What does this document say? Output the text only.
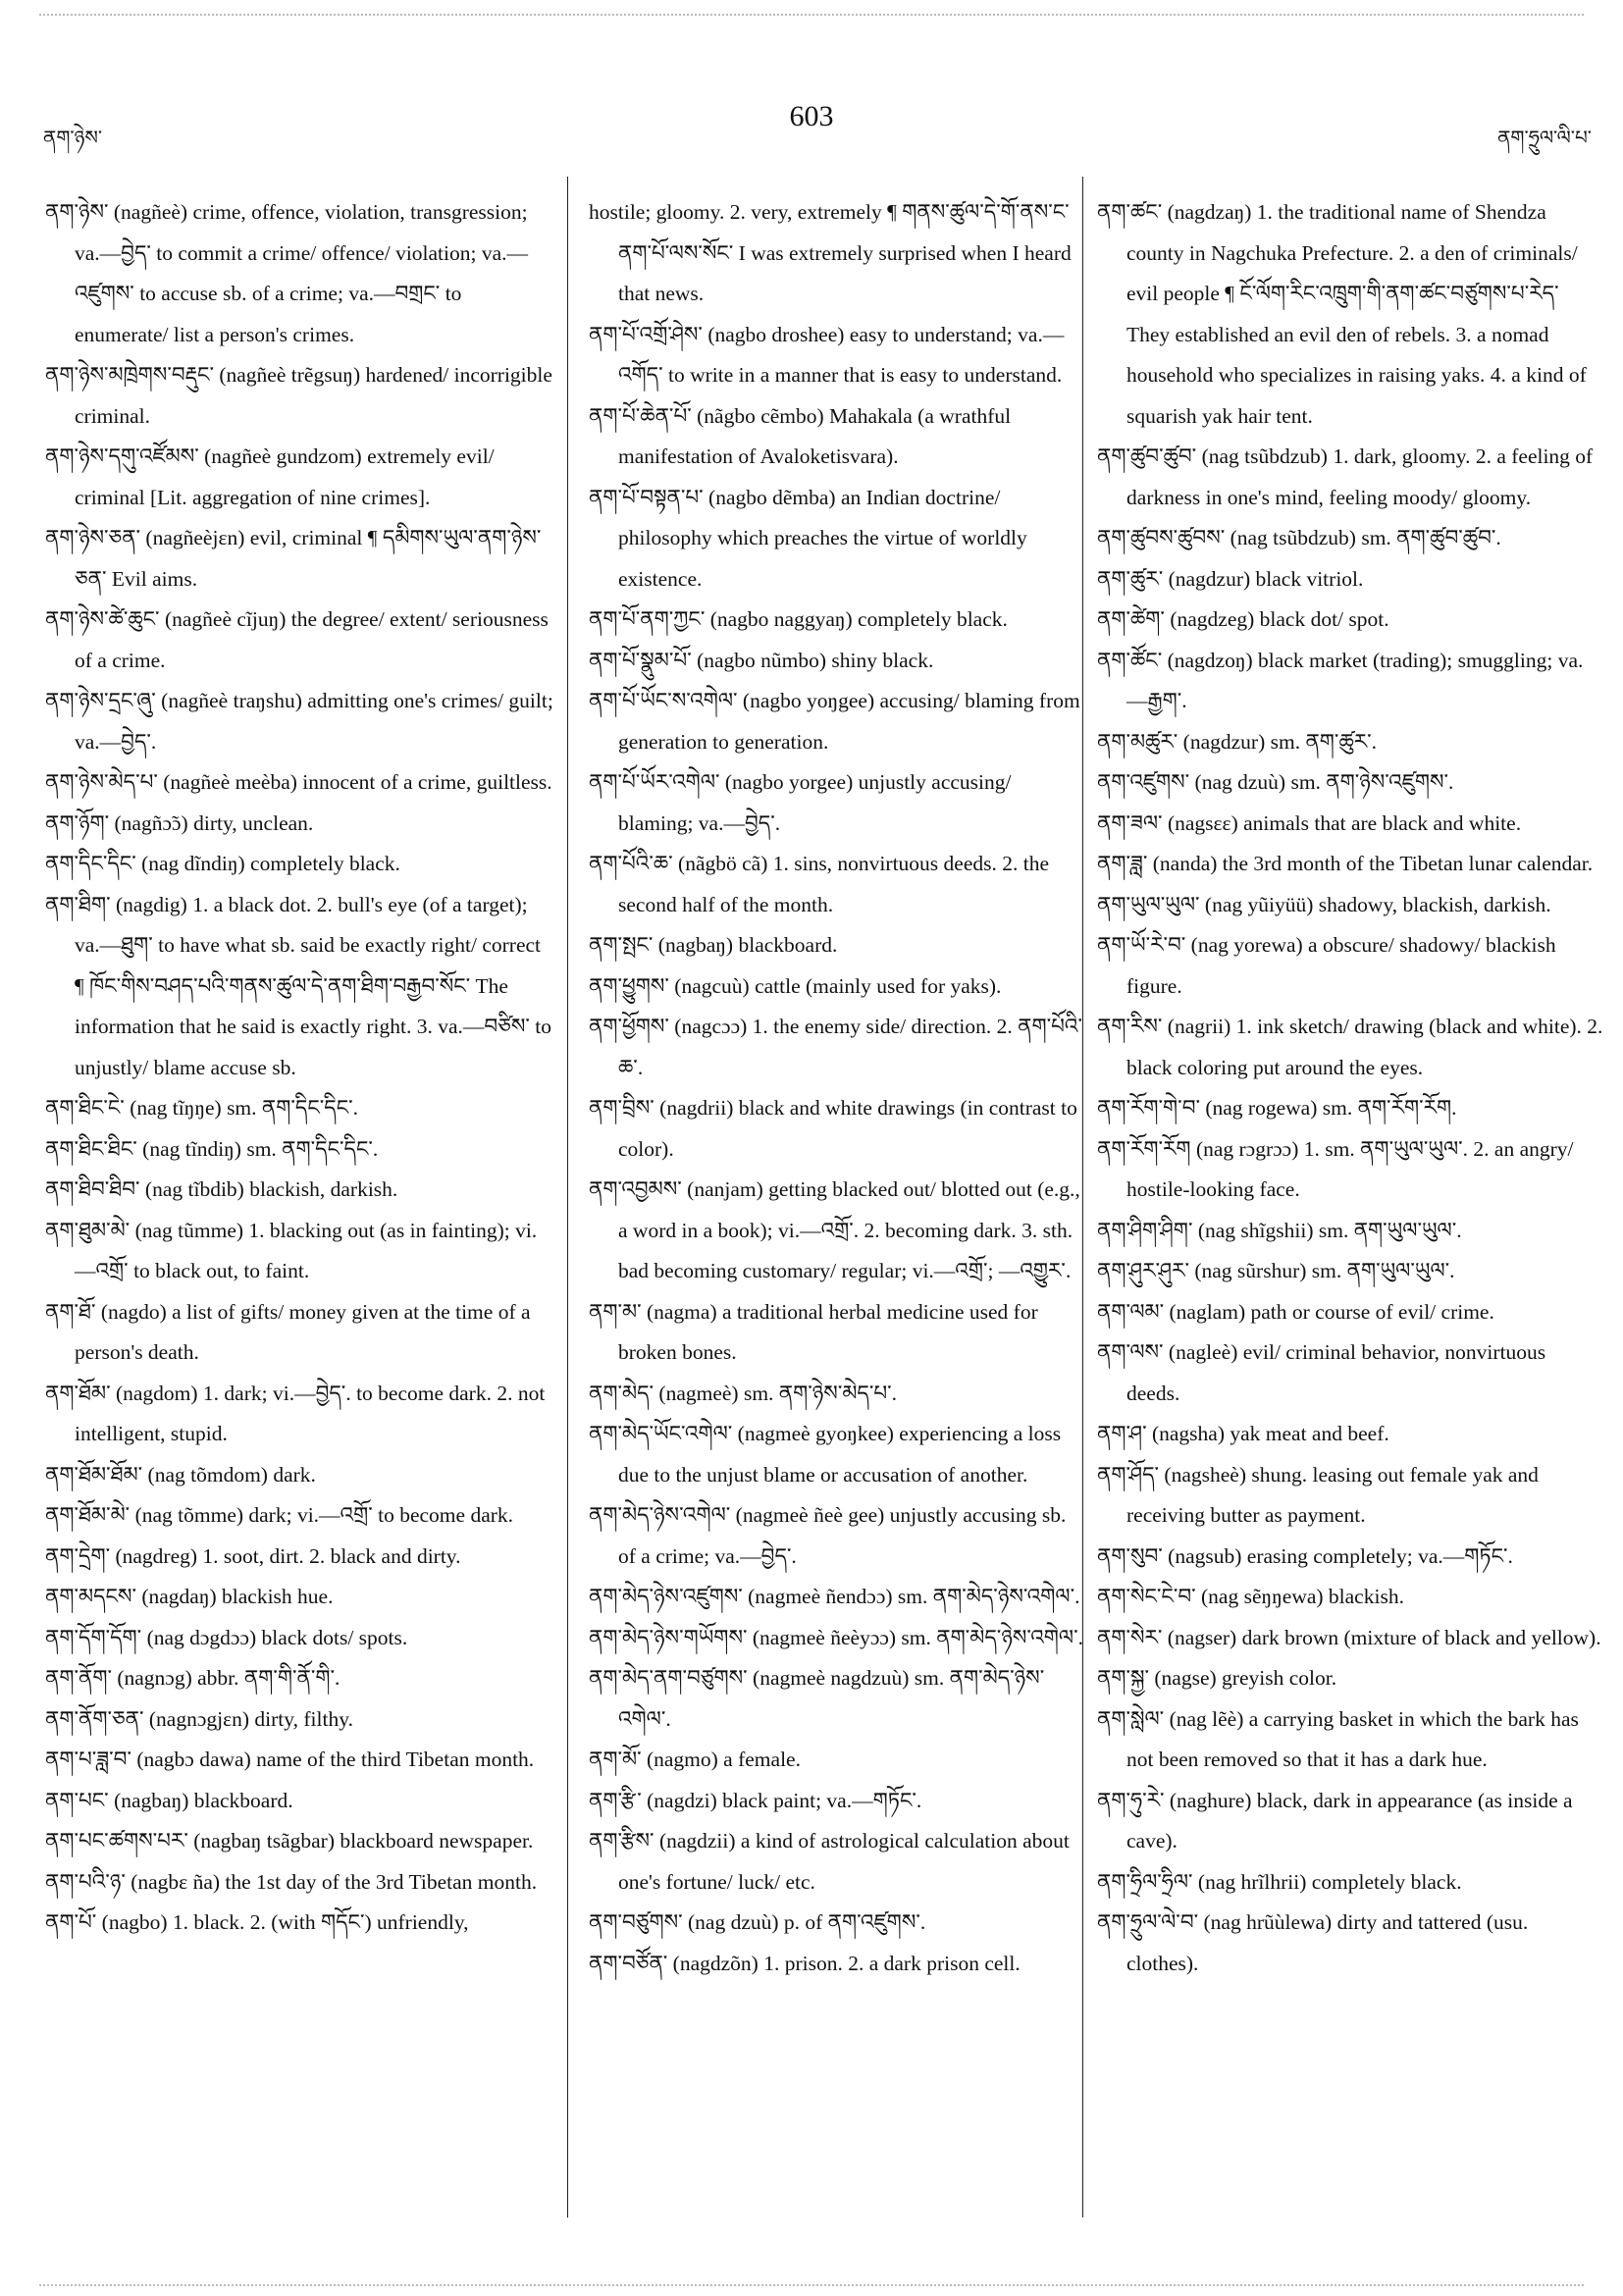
ནག་ཉེས་
603
ནག་ཧྲུལ་ལི་པ་
ནག་ཉེས་ (nagñeè) crime, offence, violation, transgression; va.—བྱེད་ to commit a crime/ offence/ violation; va.—འཛུགས་ to accuse sb. of a crime; va.—བགྲང་ to enumerate/ list a person's crimes.
ནག་ཉེས་མཁྲེགས་བརྡུང་ (nagñeè trẽgsuŋ) hardened/ incorrigible criminal.
ནག་ཉེས་དགུ་འཛོམས་ (nagñeè gundzom) extremely evil/ criminal [Lit. aggregation of nine crimes].
ནག་ཉེས་ཅན་ (nagñeèjɛn) evil, criminal ¶ དམིགས་ཡུལ་ནག་ཉེས་ཅན་ Evil aims.
ནག་ཉེས་ཚེ་ཆུང་ (nagñeè cĩjuŋ) the degree/ extent/ seriousness of a crime.
ནག་ཉེས་དྲང་ཞུ་ (nagñeè traŋshu) admitting one's crimes/ guilt; va.—བྱེད་.
ནག་ཉེས་མེད་པ་ (nagñeè meèba) innocent of a crime, guiltless.
ནག་ཉོག་ (nagñɔ̃ɔ) dirty, unclean.
ནག་དིང་དིང་ (nag dĩndiŋ) completely black.
ནག་ཐིག་ (nagdig) 1. a black dot. 2. bull's eye (of a target); va.—ཐུག་ to have what sb. said be exactly right/ correct ¶ ཁོང་གིས་བཤད་པའི་གནས་ཚུལ་དེ་ནག་ཐིག་བརྒྱབ་སོང་ The information that he said is exactly right. 3. va.—བཙིས་ to unjustly/ blame accuse sb.
ནག་ཐིང་ངེ་ (nag tĩŋŋe) sm. ནག་དིང་དིང་.
ནག་ཐིང་ཐིང་ (nag tĩndiŋ) sm. ནག་དིང་དིང་.
ནག་ཐིབ་ཐིབ་ (nag tĩbdib) blackish, darkish.
ནག་ཐུམ་མེ་ (nag tũmme) 1. blacking out (as in fainting); vi.—འགྲོ་ to black out, to faint.
ནག་ཐོ་ (nagdo) a list of gifts/ money given at the time of a person's death.
ནག་ཐོམ་ (nagdom) 1. dark; vi.—བྱེད་. to become dark. 2. not intelligent, stupid.
ནག་ཐོམ་ཐོམ་ (nag tõmdom) dark.
ནག་ཐོམ་མེ་ (nag tõmme) dark; vi.—འགྲོ་ to become dark.
ནག་དྲེག་ (nagdreg) 1. soot, dirt. 2. black and dirty.
ནག་མདངས་ (nagdaŋ) blackish hue.
ནག་དོག་དོག་ (nag dɔgdɔɔ) black dots/ spots.
ནག་ནོག་ (nagnɔg) abbr. ནག་གི་ནོ་གི་.
ནག་ནོག་ཅན་ (nagnɔgjɛn) dirty, filthy.
ནག་པ་ཟླ་བ་ (nagbɔ dawa) name of the third Tibetan month.
ནག་པང་ (nagbaŋ) blackboard.
ནག་པང་ཚགས་པར་ (nagbaŋ tsãgbar) blackboard newspaper.
ནག་པའི་ཉ་ (nagbɛ ña) the 1st day of the 3rd Tibetan month.
ནག་པོ་ (nagbo) 1. black. 2. (with གདོང་) unfriendly,
hostile; gloomy. 2. very, extremely ¶ གནས་ཚུལ་དེ་གོ་ནས་ང་ནག་པོ་ལས་སོང་ I was extremely surprised when I heard that news.
ནག་པོ་འགྲོ་ཤེས་ (nagbo droshee) easy to understand; va.—འགོད་ to write in a manner that is easy to understand.
ནག་པོ་ཆེན་པོ་ (nãgbo cẽmbo) Mahakala (a wrathful manifestation of Avaloketisvara).
ནག་པོ་བསྟན་པ་ (nagbo dẽmba) an Indian doctrine/ philosophy which preaches the virtue of worldly existence.
ནག་པོ་ནག་ཀྱང་ (nagbo naggyaŋ) completely black.
ནག་པོ་སྣུམ་པོ་ (nagbo nũmbo) shiny black.
ནག་པོ་ཡོང་ས་འགེལ་ (nagbo yoŋgee) accusing/ blaming from generation to generation.
ནག་པོ་ཡོར་འགེལ་ (nagbo yorgee) unjustly accusing/ blaming; va.—བྱེད་.
ནག་པོའི་ཆ་ (nãgbö cã) 1. sins, nonvirtuous deeds. 2. the second half of the month.
ནག་སྤང་ (nagbaŋ) blackboard.
ནག་ཕྱུགས་ (nagcuù) cattle (mainly used for yaks).
ནག་ཕྱོགས་ (nagcɔɔ) 1. the enemy side/ direction. 2. ནག་པོའི་ཆ་.
ནག་བྲིས་ (nagdrii) black and white drawings (in contrast to color).
ནག་འབྱམས་ (nanjam) getting blacked out/ blotted out (e.g., a word in a book); vi.—འགྲོ་. 2. becoming dark. 3. sth. bad becoming customary/ regular; vi.—འགྲོ་; —འགྱུར་.
ནག་མ་ (nagma) a traditional herbal medicine used for broken bones.
ནག་མེད་ (nagmeè) sm. ནག་ཉེས་མེད་པ་.
ནག་མེད་ཡོང་འགེལ་ (nagmeè gyoŋkee) experiencing a loss due to the unjust blame or accusation of another.
ནག་མེད་ཉེས་འགེལ་ (nagmeè ñeè gee) unjustly accusing sb. of a crime; va.—བྱེད་.
ནག་མེད་ཉེས་འཛུགས་ (nagmeè ñendɔɔ) sm. ནག་མེད་ཉེས་འགེལ་.
ནག་མེད་ཉེས་གཡོགས་ (nagmeè ñeèyɔɔ) sm. ནག་མེད་ཉེས་འགེལ་.
ནག་མེད་ནག་བཙུགས་ (nagmeè nagdzuù) sm. ནག་མེད་ཉེས་འགེལ་.
ནག་མོ་ (nagmo) a female.
ནག་རྩི་ (nagdzi) black paint; va.—གཏོང་.
ནག་རྩིས་ (nagdzii) a kind of astrological calculation about one's fortune/ luck/ etc.
ནག་བཙུགས་ (nag dzuù) p. of ནག་འཛུགས་.
ནག་བཙོན་ (nagdzõn) 1. prison. 2. a dark prison cell.
ནག་ཚང་ (nagdzaŋ) 1. the traditional name of Shendza county in Nagchuka Prefecture. 2. a den of criminals/ evil people ¶ ངོ་ལོག་རིང་འཁྲུག་གི་ནག་ཚང་བཙུགས་པ་རེད་ They established an evil den of rebels. 3. a nomad household who specializes in raising yaks. 4. a kind of squarish yak hair tent.
ནག་ཚུབ་ཚུབ་ (nag tsũbdzub) 1. dark, gloomy. 2. a feeling of darkness in one's mind, feeling moody/ gloomy.
ནག་ཚུབས་ཚུབས་ (nag tsũbdzub) sm. ནག་ཚུབ་ཚུབ་.
ནག་ཚུར་ (nagdzur) black vitriol.
ནག་ཚེག་ (nagdzeg) black dot/ spot.
ནག་ཚོང་ (nagdzoŋ) black market (trading); smuggling; va.—རྒྱག་.
ནག་མཚུར་ (nagdzur) sm. ནག་ཚུར་.
ནག་འཛུགས་ (nag dzuù) sm. ནག་ཉེས་འཛུགས་.
ནག་ཟལ་ (nagsɛɛ) animals that are black and white.
ནག་ཟླ་ (nanda) the 3rd month of the Tibetan lunar calendar.
ནག་ཡུལ་ཡུལ་ (nag yũiyüü) shadowy, blackish, darkish.
ནག་ཡོ་རེ་བ་ (nag yorewa) a obscure/ shadowy/ blackish figure.
ནག་རིས་ (nagrii) 1. ink sketch/ drawing (black and white). 2. black coloring put around the eyes.
ནག་རོག་གེ་བ་ (nag rogewa) sm. ནག་རོག་རོག.
ནག་རོག་རོག (nag rɔgrɔɔ) 1. sm. ནག་ཡུལ་ཡུལ་. 2. an angry/ hostile-looking face.
ནག་ཤིག་ཤིག་ (nag shĩgshii) sm. ནག་ཡུལ་ཡུལ་.
ནག་ཤུར་ཤུར་ (nag sũrshur) sm. ནག་ཡུལ་ཡུལ་.
ནག་ལམ་ (naglam) path or course of evil/ crime.
ནག་ལས་ (nagleè) evil/ criminal behavior, nonvirtuous deeds.
ནག་ཤ་ (nagsha) yak meat and beef.
ནག་ཤོད་ (nagsheè) shung. leasing out female yak and receiving butter as payment.
ནག་སུབ་ (nagsub) erasing completely; va.—གཏོང་.
ནག་སེང་ངེ་བ་ (nag sẽŋŋewa) blackish.
ནག་སེར་ (nagser) dark brown (mixture of black and yellow).
ནག་སྐྱ་ (nagse) greyish color.
ནག་སླེལ་ (nag lẽè) a carrying basket in which the bark has not been removed so that it has a dark hue.
ནག་ཧུ་རེ་ (naghure) black, dark in appearance (as inside a cave).
ནག་ཧྲིལ་ཧྲིལ་ (nag hrĩlhrii) completely black.
ནག་ཧྲུལ་ལེ་བ་ (nag hrũùlewa) dirty and tattered (usu. clothes).
